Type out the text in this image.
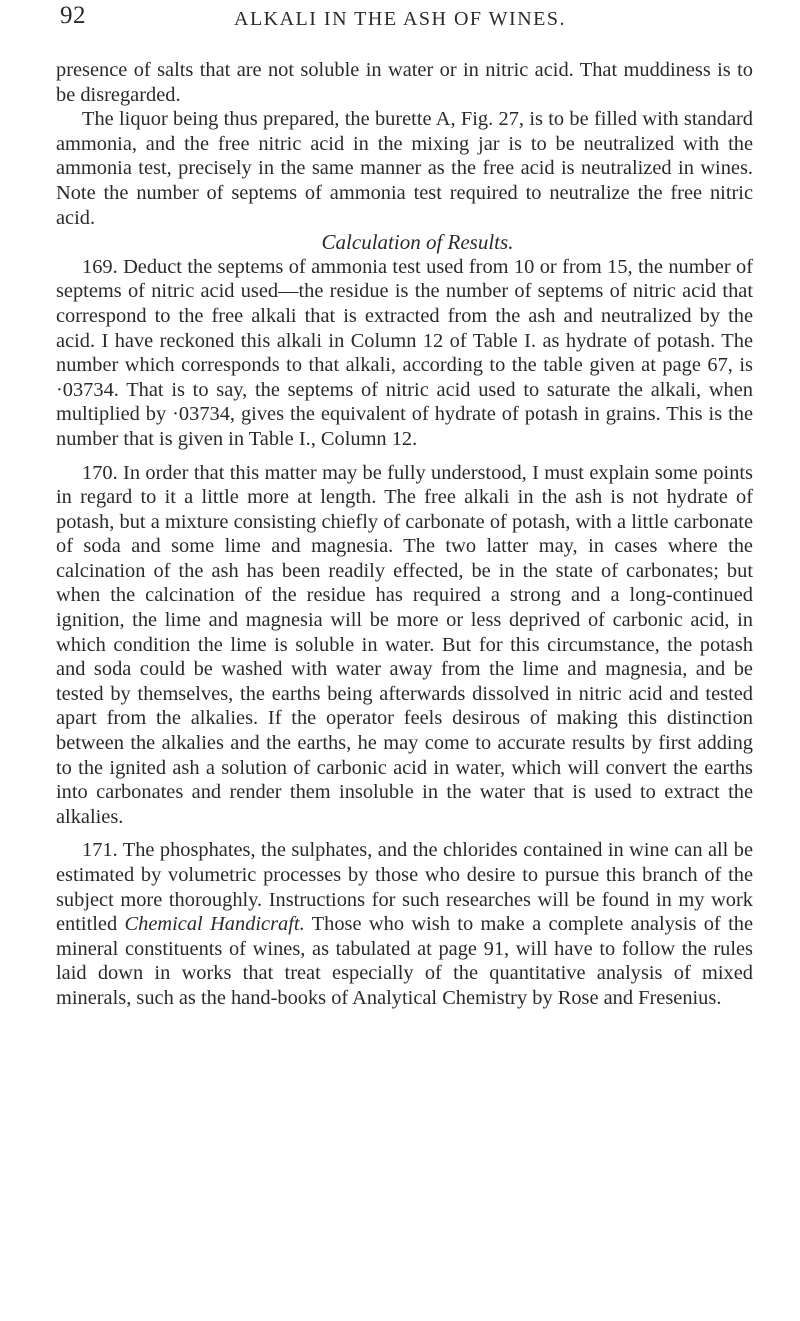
92	ALKALI IN THE ASH OF WINES.

presence of salts that are not soluble in water or in nitric acid. That muddiness is to be disregarded.

The liquor being thus prepared, the burette A, Fig. 27, is to be filled with standard ammonia, and the free nitric acid in the mixing jar is to be neutralized with the ammonia test, precisely in the same manner as the free acid is neutralized in wines. Note the number of septems of ammonia test required to neutralize the free nitric acid.

Calculation of Results.

169. Deduct the septems of ammonia test used from 10 or from 15, the number of septems of nitric acid used—the residue is the number of septems of nitric acid that correspond to the free alkali that is extracted from the ash and neutralized by the acid. I have reckoned this alkali in Column 12 of Table I. as hydrate of potash. The number which corresponds to that alkali, according to the table given at page 67, is ·03734. That is to say, the septems of nitric acid used to saturate the alkali, when multiplied by ·03734, gives the equivalent of hydrate of potash in grains. This is the number that is given in Table I., Column 12.

170. In order that this matter may be fully understood, I must explain some points in regard to it a little more at length. The free alkali in the ash is not hydrate of potash, but a mixture consisting chiefly of carbonate of potash, with a little carbonate of soda and some lime and magnesia. The two latter may, in cases where the calcination of the ash has been readily effected, be in the state of carbonates; but when the calcination of the residue has required a strong and a long-continued ignition, the lime and magnesia will be more or less deprived of carbonic acid, in which condition the lime is soluble in water. But for this circumstance, the potash and soda could be washed with water away from the lime and magnesia, and be tested by themselves, the earths being afterwards dissolved in nitric acid and tested apart from the alkalies. If the operator feels desirous of making this distinction between the alkalies and the earths, he may come to accurate results by first adding to the ignited ash a solution of carbonic acid in water, which will convert the earths into carbonates and render them insoluble in the water that is used to extract the alkalies.

171. The phosphates, the sulphates, and the chlorides contained in wine can all be estimated by volumetric processes by those who desire to pursue this branch of the subject more thoroughly. Instructions for such researches will be found in my work entitled Chemical Handicraft. Those who wish to make a complete analysis of the mineral constituents of wines, as tabulated at page 91, will have to follow the rules laid down in works that treat especially of the quantitative analysis of mixed minerals, such as the hand-books of Analytical Chemistry by Rose and Fresenius.
